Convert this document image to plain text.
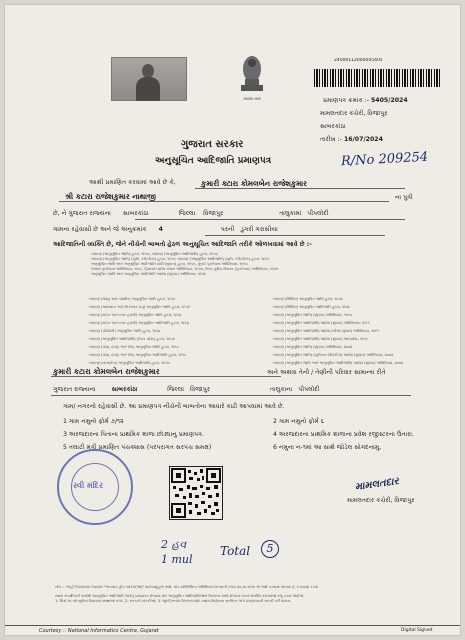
सत्यमेव जयते
24000112000005405
પ્રમાણપત્ર ક્રમાંક :- 5405/2024
મામલતદાર કચેરી, વિજાપુર
સાબરકાંઠા
તારીખ :- 16/07/2024
ગુજરાત સરકાર
અનુસૂચિત આદિજાતિ પ્રમાણપત્ર	R/No 209254
આથી પ્રમાણિત કરવામાં આવે છે કે,	કુમારી ક્ટારા કોમલબેન રાજેશકુમાર
શ્રી કટારા રાજેશકુમાર નાથાજી	ના પુત્રી
છે, ને ગુજરાત રાજ્યના સાબરકાંઠા	જિલ્લા વિજાપુર	તાલુકામાં પીપલોદી
ગામના રહેવાસી છે અને જે અનુક્રમાંક 4	પરની ડુંગરી ગરાસીયા
આદિજાતિની વ્યક્તિ છે, જેને નીચેની બાબતો હેઠળ અનુસૂચિત આદિજાતિ તરીકે ઓળખવામાં આવે છે :-
બંધારણ (અનુસૂચિત જાતિ) હુકમ, ૧૯૫૦, બંધારણ (અનુસૂચિત આદિજાતિ) હુકમ, ૧૯૫૦
બંધારણ (અનુસૂચિત જાતિ) (યુનિ. ટેરીટરીઝ) હુકમ, ૧૯૫૧, બંધારણ (અનુસૂચિત આદિજાતિ) (યુનિ. ટેરીટરીઝ) હુકમ, ૧૯૫૧
અનુસૂચિત જાતિ અને અનુસૂચિત આદિજાતિ યાદી (સુધારા) હુકમ, ૧૯૫૬, મુંબઈ પુનર્રચના અધિનિયમ, ૧૯૬૦
પંજાબ પુનર્રચના અધિનિયમ, ૧૯૬૬, હિમાચલ પ્રદેશ રાજ્ય અધિનિયમ, ૧૯૭૦, ઉત્તર-પૂર્વીય વિસ્તાર (પુનર્રચના) અધિનિયમ, ૧૯૭૧
અનુસૂચિત જાતિ અને અનુસૂચિત આદિજાતિ આદેશ (સુધારા) અધિનિયમ, ૧૯૭૬
બંધારણ (જમ્મુ અને કાશ્મીર) અનુસૂચિત જાતિ હુકમ, ૧૯૫૬
બંધારણ (આંદામાન અને નિકોબાર ટાપુ) અનુસૂચિત જાતિ હુકમ, ૧૯૫૯
બંધારણ (દાદરા અને નગર હવેલી) અનુસૂચિત જાતિ હુકમ, ૧૯૬૨
બંધારણ (દાદરા અને નગર હવેલી) અનુસૂચિત આદિજાતિ હુકમ, ૧૯૬૨
બંધારણ (પોંડીચેરી) અનુસૂચિત જાતિ હુકમ, ૧૯૬૪
બંધારણ (અનુસૂચિત આદિજાતિ) (ઉત્તર પ્રદેશ) હુકમ, ૧૯૬૭
બંધારણ (ગોવા, દમણ અને દીવ) અનુસૂચિત જાતિ હુકમ, ૧૯૬૮
બંધારણ (ગોવા, દમણ અને દીવ) અનુસૂચિત આદિજાતિ હુકમ, ૧૯૬૮
બંધારણ (નાગાલેન્ડ) અનુસૂચિત આદિજાતિ હુકમ, ૧૯૭૦
બંધારણ (સિક્કિમ) અનુસૂચિત જાતિ હુકમ, ૧૯૭૮
બંધારણ (સિક્કિમ) અનુસૂચિત આદિજાતિ હુકમ, ૧૯૭૮
બંધારણ (અનુસૂચિત જાતિ) (સુધારા) અધિનિયમ, ૧૯૯૦
બંધારણ (અનુસૂચિત આદિજાતિ) આદેશ (સુધારા) અધિનિયમ, ૧૯૯૧
બંધારણ (અનુસૂચિત આદિજાતિ) આદેશ (બીજો સુધારો) અધિનિયમ, ૧૯૯૧
બંધારણ (અનુસૂચિત આદિજાતિ) આદેશ (સુધારા) અધ્યાદેશ, ૧૯૯૬
બંધારણ (અનુસૂચિત જાતિ) (સુધારા) અધિનિયમ, ૨૦૦૨
બંધારણ (અનુસૂચિત જાતિ) (યુનિયન ટેરિટરીઝ) આદેશ (સુધારા) અધિનિયમ, ૨૦૦૨
બંધારણ (અનુસૂચિત જાતિ અને અનુસૂચિત આદિજાતિ) આદેશ (સુધારા) અધિનિયમ, ૨૦૦૨
કુમારી કટારા કોમલબેન રાજેશકુમાર	અને અથવા તેની / તેણીની પરિવાર સામાન્ય રીતે
ગુજરાત રાજ્યના	સાબરકાંઠા	જિલ્લા વિજાપુર	તાલુકાના પીપલોદી
ગામ/ નગરનો રહેવાસી છે. આ પ્રમાણપત્ર નીચેની બાબતોના આધારે કાઢી આપવામાં આવે છે.
1 ગામ નમુનો ફોર્મ ૭/૧૨	2 ગામ નમુનો ફોર્મ ૬
3 અરજદારના પિતાના પ્રાથમિક શાળા છોડ્યાનુ પ્રમાણપત્ર.	4 અરજદારના પ્રાથમિક શાળાના પ્રવેશ રજીસ્ટરના ઉતારા.
5 તલાટી મંત્રી પ્રમાણિત પંચક્યાસ (પરંપરાગત સરપંચ સમક્ષ)	6 નમુના ન-૧માં આ સાથે જોડેલ સોગંદનામુ.
સ્વી મંદિર	મામલતદાર
મામલતદાર કચેરી, વિજાપુર
2 હવ
1 mul
Total	5
નોંધ :- 'અહીં ઉપયોગમાં લેવાયેલ "અનામત હીત ઓર્ડરો(ઓ)" શબ્દસમૂહનો અર્થ, લોક-પ્રતિનિધિત્વ અધિનિયમ,૧૯૫૦ની કલમ ૨૦-ના સંબંધ જે અર્થ કરવામાં આવ્યો છે, તે પ્રમાણે કરવો.
સક્ષમ સત્તાધિકારી પાસેથી અનુસૂચિત આદિજાતિ અંગેનું પ્રમાણપત્ર મેળવવા માટે અનુસૂચિત આદિજાતિઓને ઉપલબ્ધ લાભો મેળવતા વખતે સંબંધિત દસ્તાવેજો રજૂ કરવા જોઈએ.
1. ચિત્રો ૧૦ વર્ષ સુધીના વિચારમાં સંસ્થાઓ વગેરે, 2. સરકારી નોકરીઓ, 3. જુલ્ટીઝબોધ ઉપલબ્ધ થશે. સક્ષમ નિર્ણયના સરવિતર અંગે પ્રમાણપત્રની ખાતરી કરી શકાય.
Courtesy :: National Informatics Centre, Gujarat	Digital Signed
